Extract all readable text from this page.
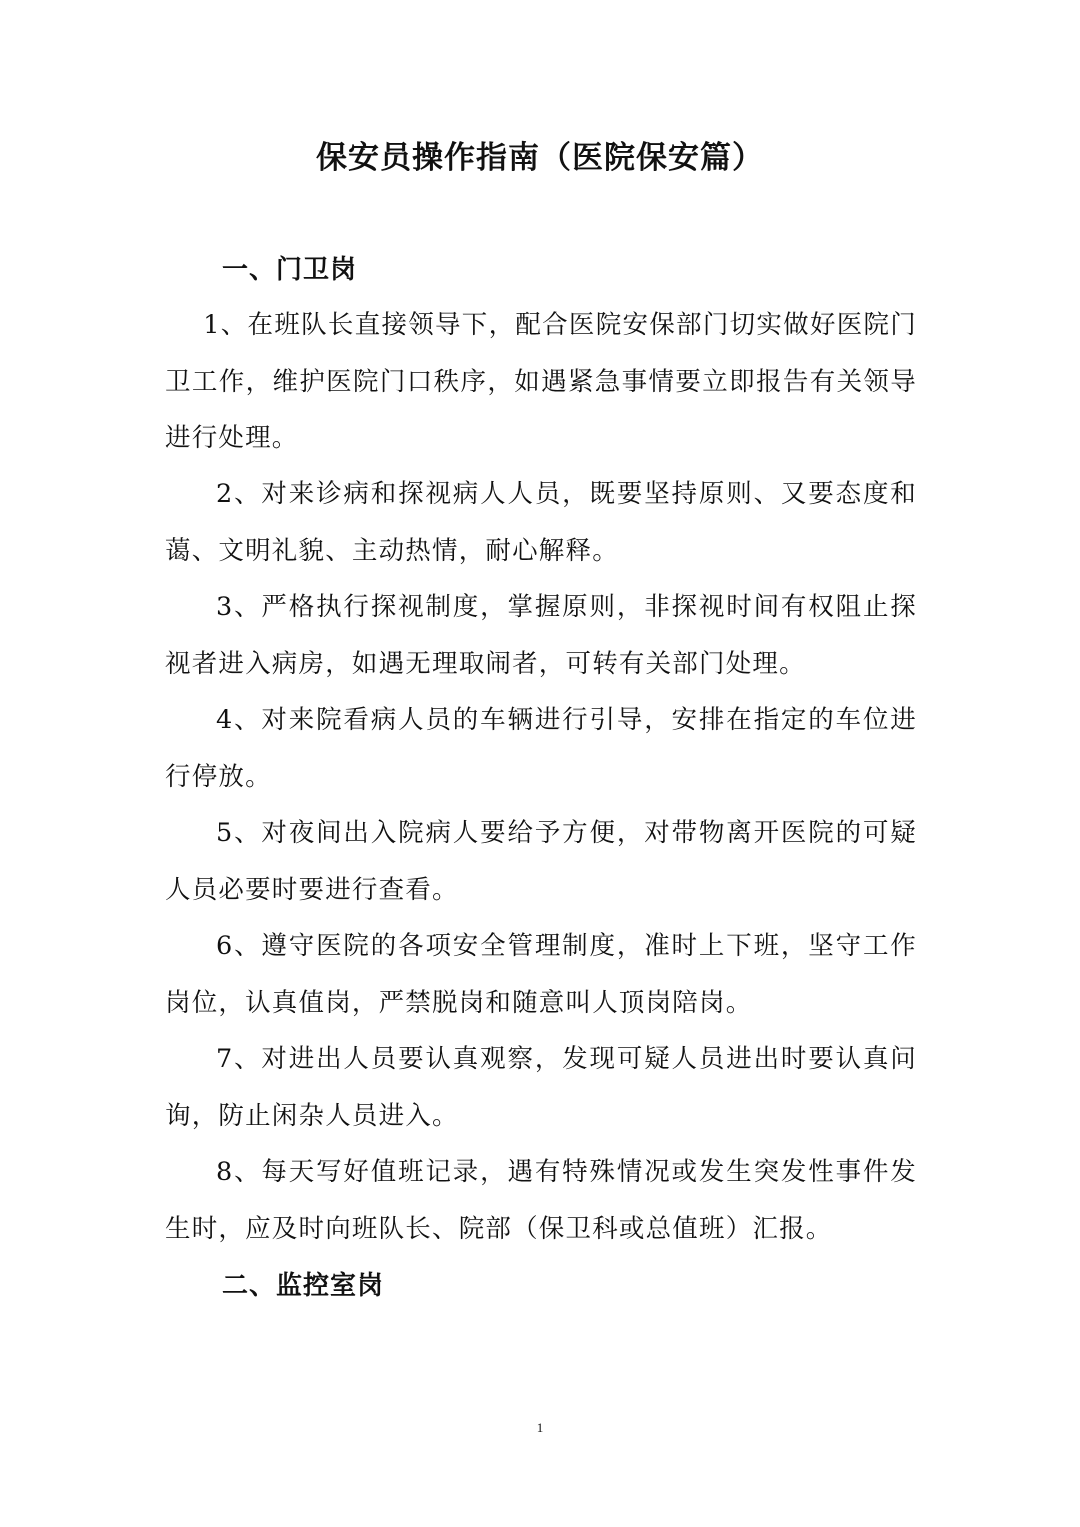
保安员操作指南（医院保安篇）
一、门卫岗

1、在班队长直接领导下，配合医院安保部门切实做好医院门卫工作，维护医院门口秩序，如遇紧急事情要立即报告有关领导进行处理。

2、对来诊病和探视病人人员，既要坚持原则、又要态度和蔼、文明礼貌、主动热情，耐心解释。

3、严格执行探视制度，掌握原则，非探视时间有权阻止探视者进入病房，如遇无理取闹者，可转有关部门处理。

4、对来院看病人员的车辆进行引导，安排在指定的车位进行停放。

5、对夜间出入院病人要给予方便，对带物离开医院的可疑人员必要时要进行查看。

6、遵守医院的各项安全管理制度，准时上下班，坚守工作岗位，认真值岗，严禁脱岗和随意叫人顶岗陪岗。

7、对进出人员要认真观察，发现可疑人员进出时要认真问询，防止闲杂人员进入。

8、每天写好值班记录，遇有特殊情况或发生突发性事件发生时，应及时向班队长、院部（保卫科或总值班）汇报。

二、监控室岗
1
